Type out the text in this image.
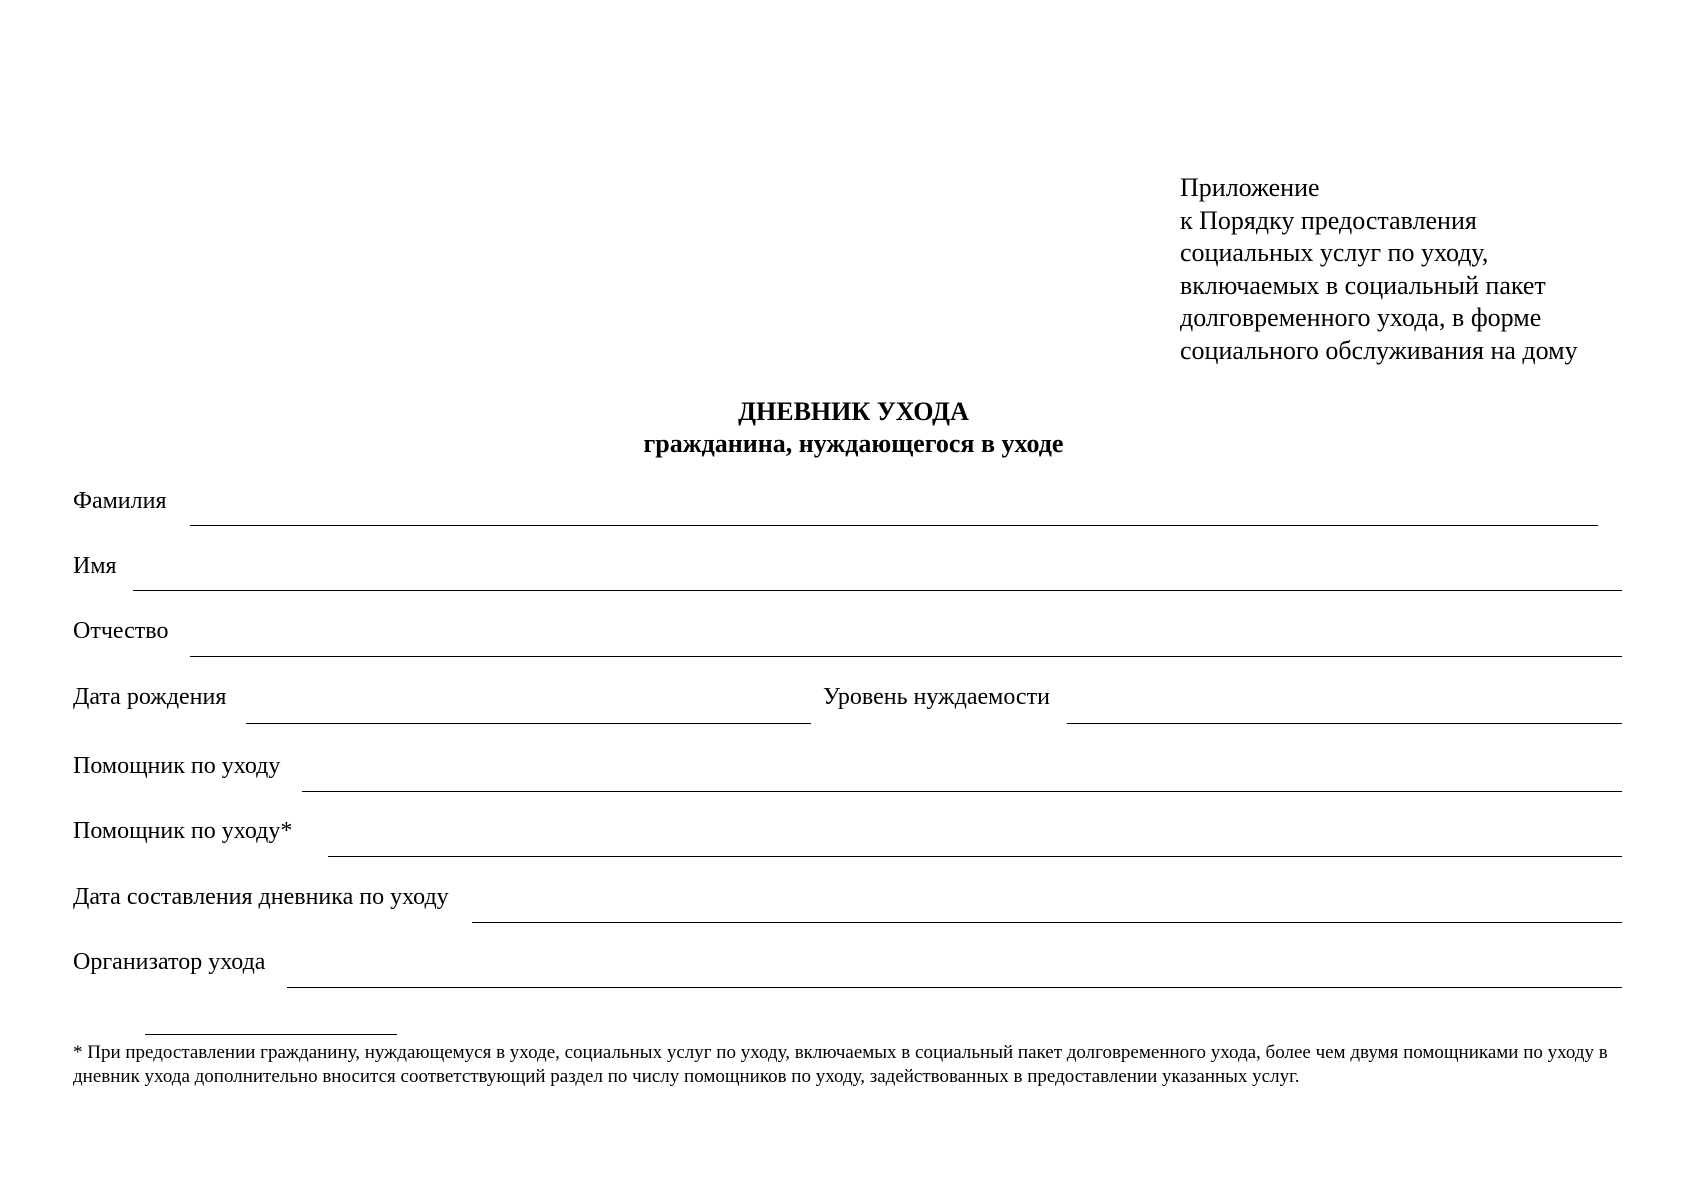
Приложение
к Порядку предоставления
социальных услуг по уходу,
включаемых в социальный пакет
долговременного ухода, в форме
социального обслуживания на дому
ДНЕВНИК УХОДА
гражданина, нуждающегося в уходе
Фамилия
Имя
Отчество
Дата рождения	Уровень нуждаемости
Помощник по уходу
Помощник по уходу*
Дата составления дневника по уходу
Организатор ухода
* При предоставлении гражданину, нуждающемуся в уходе, социальных услуг по уходу, включаемых в социальный пакет долговременного ухода, более чем двумя помощниками по уходу в дневник ухода дополнительно вносится соответствующий раздел по числу помощников по уходу, задействованных в предоставлении указанных услуг.
